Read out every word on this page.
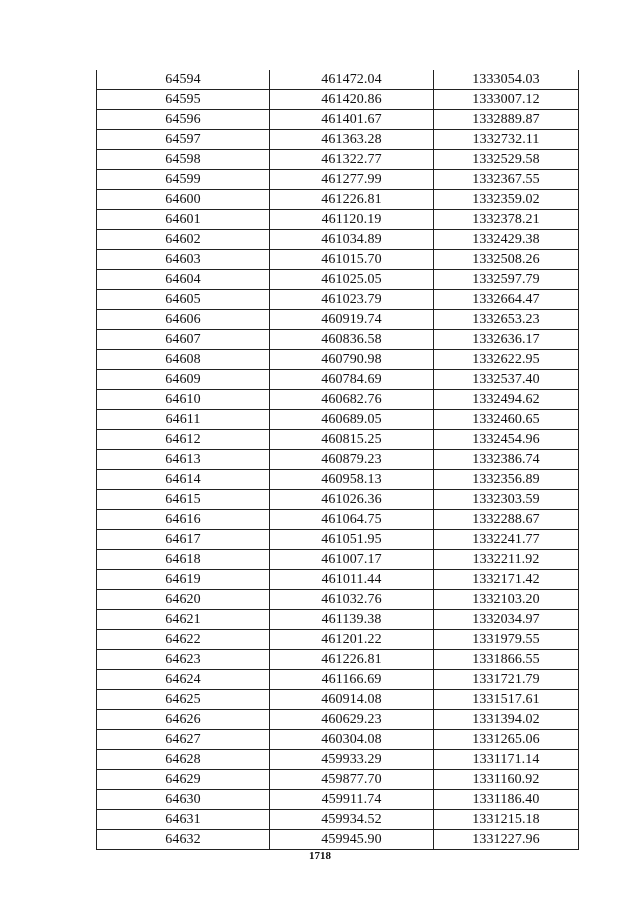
64594	461472.04	1333054.03
64595	461420.86	1333007.12
64596	461401.67	1332889.87
64597	461363.28	1332732.11
64598	461322.77	1332529.58
64599	461277.99	1332367.55
64600	461226.81	1332359.02
64601	461120.19	1332378.21
64602	461034.89	1332429.38
64603	461015.70	1332508.26
64604	461025.05	1332597.79
64605	461023.79	1332664.47
64606	460919.74	1332653.23
64607	460836.58	1332636.17
64608	460790.98	1332622.95
64609	460784.69	1332537.40
64610	460682.76	1332494.62
64611	460689.05	1332460.65
64612	460815.25	1332454.96
64613	460879.23	1332386.74
64614	460958.13	1332356.89
64615	461026.36	1332303.59
64616	461064.75	1332288.67
64617	461051.95	1332241.77
64618	461007.17	1332211.92
64619	461011.44	1332171.42
64620	461032.76	1332103.20
64621	461139.38	1332034.97
64622	461201.22	1331979.55
64623	461226.81	1331866.55
64624	461166.69	1331721.79
64625	460914.08	1331517.61
64626	460629.23	1331394.02
64627	460304.08	1331265.06
64628	459933.29	1331171.14
64629	459877.70	1331160.92
64630	459911.74	1331186.40
64631	459934.52	1331215.18
64632	459945.90	1331227.96
1718
